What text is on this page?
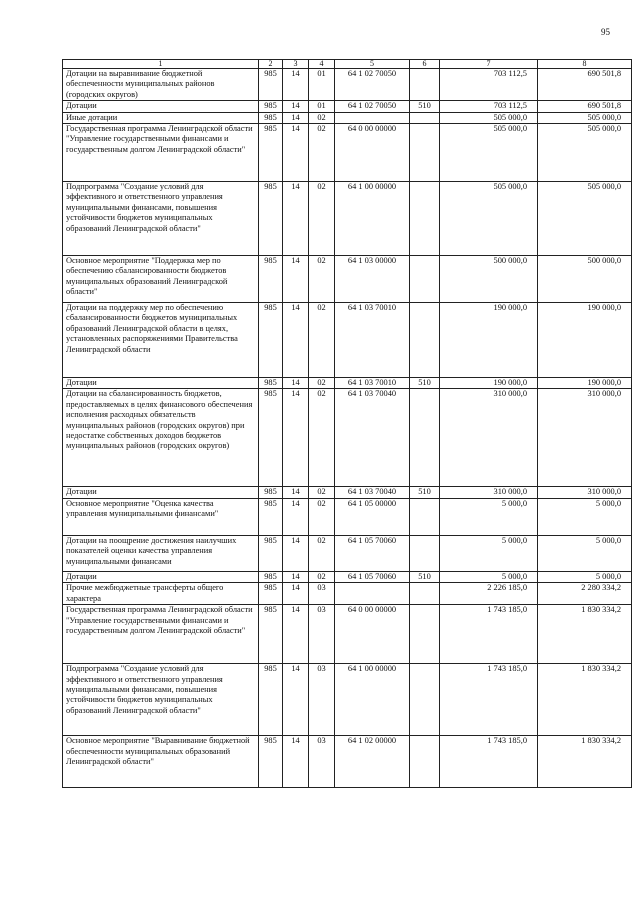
95
1	2	3	4	5	6	7	8
Дотации на выравнивание бюджетной обеспеченности муниципальных районов (городских округов)	985	14	01	64 1 02 70050		703 112,5	690 501,8
Дотации	985	14	01	64 1 02 70050	510	703 112,5	690 501,8
Иные дотации	985	14	02			505 000,0	505 000,0
Государственная программа Ленинградской области "Управление государственными финансами и государственным долгом Ленинградской области"	985	14	02	64 0 00 00000		505 000,0	505 000,0
Подпрограмма "Создание условий для эффективного и ответственного управления муниципальными финансами, повышения устойчивости бюджетов муниципальных образований Ленинградской области"	985	14	02	64 1 00 00000		505 000,0	505 000,0
Основное мероприятие "Поддержка мер по обеспечению сбалансированности бюджетов муниципальных образований Ленинградской области"	985	14	02	64 1 03 00000		500 000,0	500 000,0
Дотации на поддержку мер по обеспечению сбалансированности бюджетов муниципальных образований Ленинградской области в целях, установленных распоряжениями Правительства Ленинградской области	985	14	02	64 1 03 70010		190 000,0	190 000,0
Дотации	985	14	02	64 1 03 70010	510	190 000,0	190 000,0
Дотации на сбалансированность бюджетов, предоставляемых в целях финансового обеспечения исполнения расходных обязательств муниципальных районов (городских округов) при недостатке собственных доходов бюджетов муниципальных районов (городских округов)	985	14	02	64 1 03 70040		310 000,0	310 000,0
Дотации	985	14	02	64 1 03 70040	510	310 000,0	310 000,0
Основное мероприятие "Оценка качества управления муниципальными финансами"	985	14	02	64 1 05 00000		5 000,0	5 000,0
Дотации на поощрение достижения наилучших показателей оценки качества управления муниципальными финансами	985	14	02	64 1 05 70060		5 000,0	5 000,0
Дотации	985	14	02	64 1 05 70060	510	5 000,0	5 000,0
Прочие межбюджетные трансферты общего характера	985	14	03			2 226 185,0	2 280 334,2
Государственная программа Ленинградской области "Управление государственными финансами и государственным долгом Ленинградской области"	985	14	03	64 0 00 00000		1 743 185,0	1 830 334,2
Подпрограмма "Создание условий для эффективного и ответственного управления муниципальными финансами, повышения устойчивости бюджетов муниципальных образований Ленинградской области"	985	14	03	64 1 00 00000		1 743 185,0	1 830 334,2
Основное мероприятие "Выравнивание бюджетной обеспеченности муниципальных образований Ленинградской области"	985	14	03	64 1 02 00000		1 743 185,0	1 830 334,2
